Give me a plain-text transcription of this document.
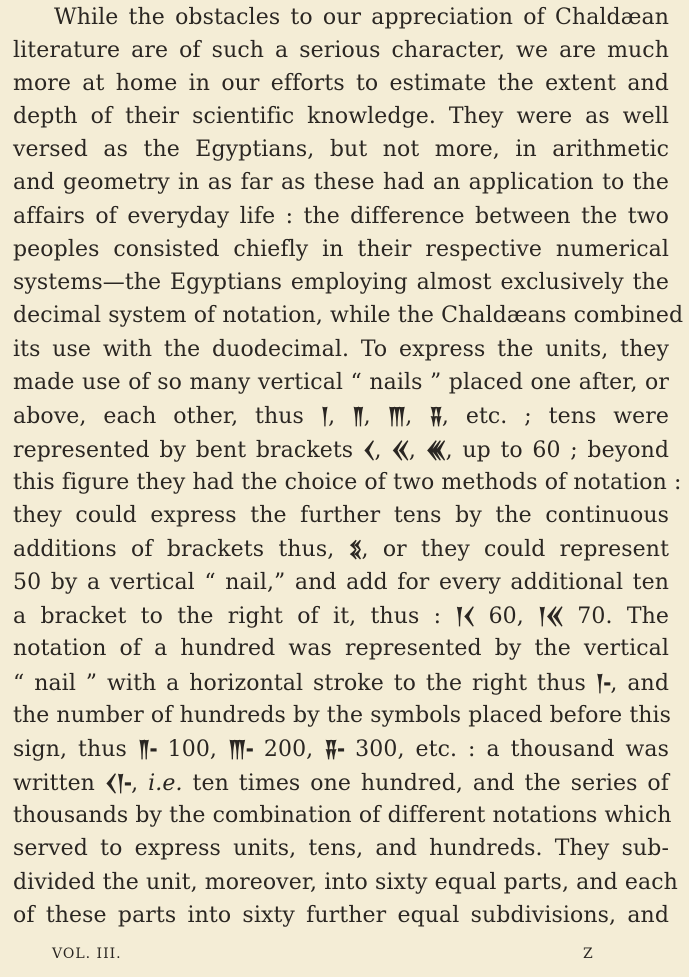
While the obstacles to our appreciation of Chaldæan
literature are of such a serious character, we are much
more at home in our efforts to estimate the extent and
depth of their scientific knowledge. They were as well
versed as the Egyptians, but not more, in arithmetic
and geometry in as far as these had an application to the
affairs of everyday life : the difference between the two
peoples consisted chiefly in their respective numerical
systems—the Egyptians employing almost exclusively the
decimal system of notation, while the Chaldæans combined
its use with the duodecimal. To express the units, they
made use of so many vertical “ nails ” placed one after, or
above, each other, thus 𒁹, 𒈫, 𒐈, 𒐉, etc. ; tens were
represented by bent brackets 𒌋, 𒎙, 𒌍, up to 60 ; beyond
this figure they had the choice of two methods of notation :
they could express the further tens by the continuous
additions of brackets thus, 𒐏, or they could represent
50 by a vertical “ nail,” and add for every additional ten
a bracket to the right of it, thus : 𒁹𒌋 60, 𒁹𒎙 70. The
notation of a hundred was represented by the vertical
“ nail ” with a horizontal stroke to the right thus 𒁹-, and
the number of hundreds by the symbols placed before this
sign, thus 𒈫- 100, 𒐈- 200, 𒐉- 300, etc. : a thousand was
written 𒌋𒁹-, i.e. ten times one hundred, and the series of
thousands by the combination of different notations which
served to express units, tens, and hundreds. They sub-
divided the unit, moreover, into sixty equal parts, and each
of these parts into sixty further equal subdivisions, and
VOL. III.	Z
